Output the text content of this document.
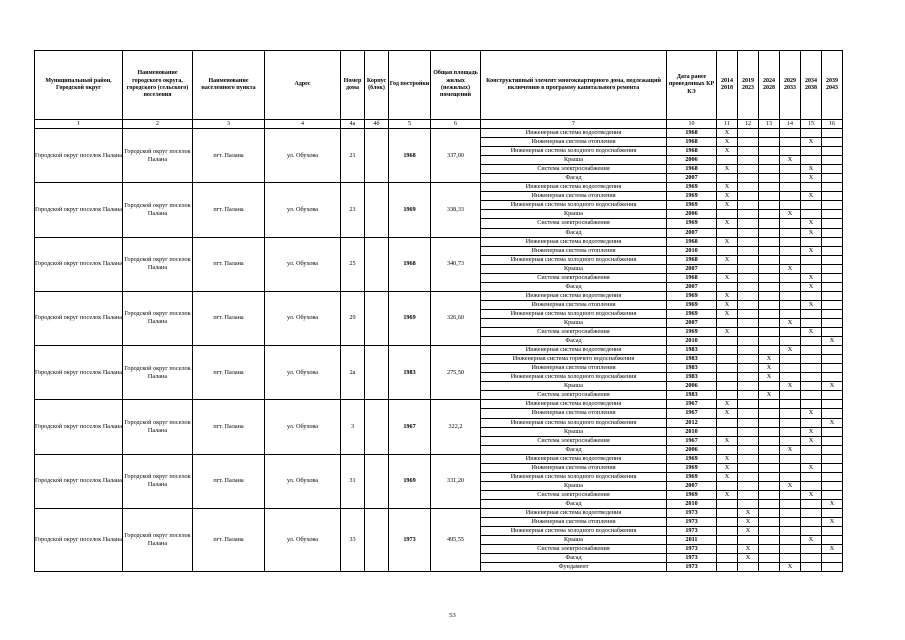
Муниципальный район, Городской округ	Наименование городского округа, городского (сельского) поселения	Наименование населенного пункта	Адрес	Номер дома	Корпус (блок)	Год постройки	Общая площадь жилых (нежилых) помещений	Конструктивный элемент многоквартирного дома, подлежащий включению в программу капитального ремонта	Дата ранее проведенных КР КЭ	2014 2018	2019 2023	2024 2028	2029 2033	2034 2038	2039 2043
1	2	3	4	4а	4б	5	6	7	10	11	12	13	14	15	16
Городской округ поселок Палана	Городской округ поселок Палана	пгт. Палана	ул. Обухова	21		1968	337,00	Инженерная система водоотведения	1968	X					
								Инженерная система отопления	1968	X				X	
								Инженерная система холодного водоснабжения	1968	X					
								Крыша	2006				X		
								Система электроснабжения	1968	X				X	
								Фасад	2007					X	
Городской округ поселок Палана	Городской округ поселок Палана	пгт. Палана	ул. Обухова	23		1969	338,33	Инженерная система водоотведения	1969	X					
								Инженерная система отопления	1969	X				X	
								Инженерная система холодного водоснабжения	1969	X					
								Крыша	2006				X		
								Система электроснабжения	1969	X				X	
								Фасад	2007					X	
Городской округ поселок Палана	Городской округ поселок Палана	пгт. Палана	ул. Обухова	25		1968	340,73	Инженерная система водоотведения	1968	X					
								Инженерная система отопления	2010					X	
								Инженерная система холодного водоснабжения	1968	X					
								Крыша	2007				X		
								Система электроснабжения	1968	X				X	
								Фасад	2007					X	
Городской округ поселок Палана	Городской округ поселок Палана	пгт. Палана	ул. Обухова	29		1969	326,60	Инженерная система водоотведения	1969	X					
								Инженерная система отопления	1969	X				X	
								Инженерная система холодного водоснабжения	1969	X					
								Крыша	2007				X		
								Система электроснабжения	1969	X				X	
								Фасад	2010						X
Городской округ поселок Палана	Городской округ поселок Палана	пгт. Палана	ул. Обухова	2а		1983	275,50	Инженерная система водоотведения	1983				X		
								Инженерная система горячего водоснабжения	1983			X			
								Инженерная система отопления	1983			X			
								Инженерная система холодного водоснабжения	1983			X			
								Крыша	2006				X		X
								Система электроснабжения	1983			X			
Городской округ поселок Палана	Городской округ поселок Палана	пгт. Палана	ул. Обухова	3		1967	322,2	Инженерная система водоотведения	1967	X					
								Инженерная система отопления	1967	X				X	
								Инженерная система холодного водоснабжения	2012						X
								Крыша	2010					X	
								Система электроснабжения	1967	X				X	
								Фасад	2006				X		
Городской округ поселок Палана	Городской округ поселок Палана	пгт. Палана	ул. Обухова	31		1969	331,20	Инженерная система водоотведения	1969	X					
								Инженерная система отопления	1969	X				X	
								Инженерная система холодного водоснабжения	1969	X					
								Крыша	2007				X		
								Система электроснабжения	1969	X				X	
								Фасад	2010						X
Городской округ поселок Палана	Городской округ поселок Палана	пгт. Палана	ул. Обухова	33		1973	495,55	Инженерная система водоотведения	1973		X				
								Инженерная система отопления	1973		X				X
								Инженерная система холодного водоснабжения	1973		X				
								Крыша	2011					X	
								Система электроснабжения	1973		X				X
								Фасад	1973		X				
								Фундамент	1973				X		
53
